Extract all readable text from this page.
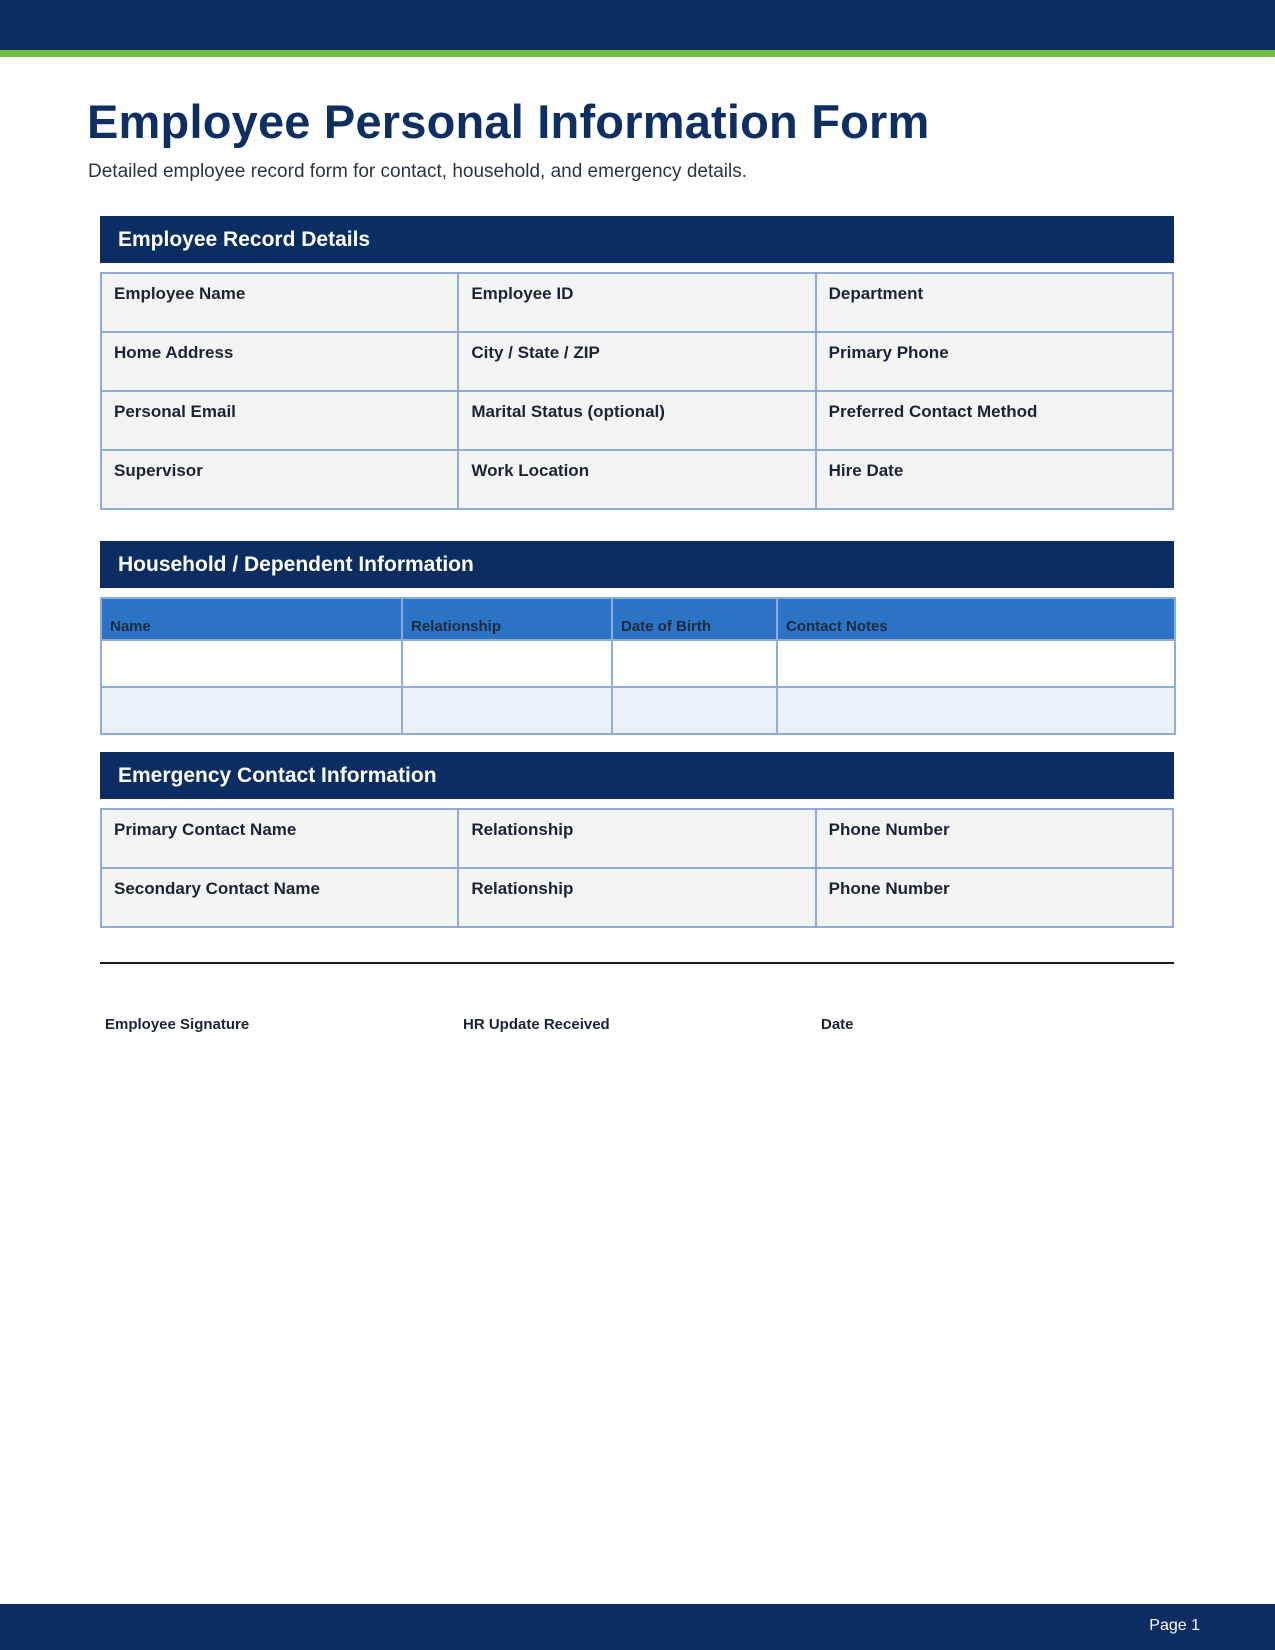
Employee Personal Information Form

Detailed employee record form for contact, household, and emergency details.

Employee Record Details
Employee Name	Employee ID	Department
Home Address	City / State / ZIP	Primary Phone
Personal Email	Marital Status (optional)	Preferred Contact Method
Supervisor	Work Location	Hire Date
Household / Dependent Information
Name	Relationship	Date of Birth	Contact Notes

Emergency Contact Information
Primary Contact Name	Relationship	Phone Number
Secondary Contact Name	Relationship	Phone Number
Employee Signature	HR Update Received	Date
Page 1
